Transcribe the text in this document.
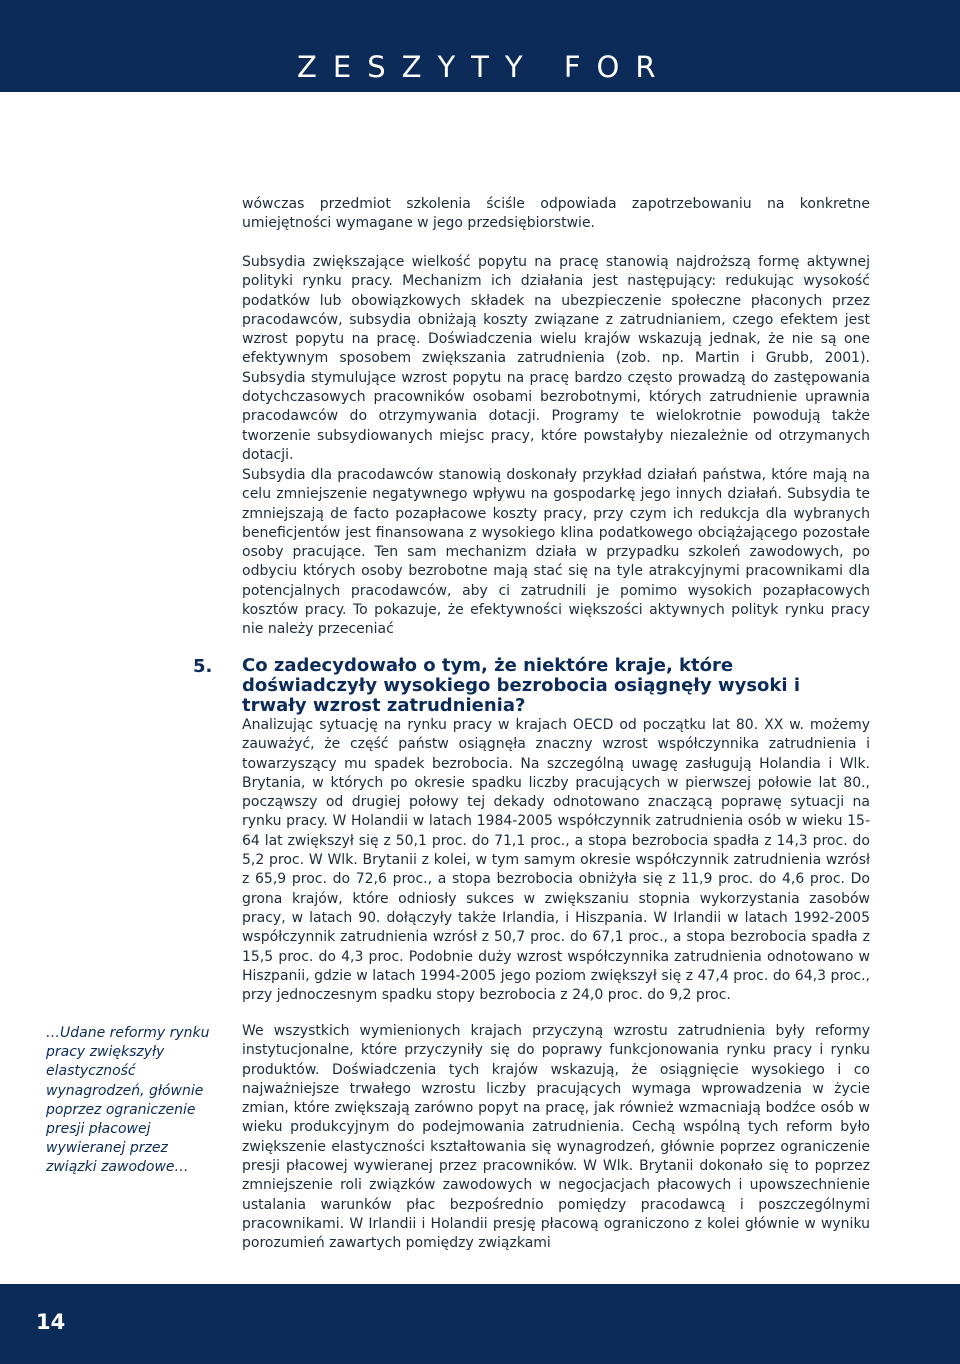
ZESZYTY FOR

wówczas przedmiot szkolenia ściśle odpowiada zapotrzebowaniu na konkretne umiejętności wymagane w jego przedsiębiorstwie.

Subsydia zwiększające wielkość popytu na pracę stanowią najdroższą formę aktywnej polityki rynku pracy. Mechanizm ich działania jest następujący: redukując wysokość podatków lub obowiązkowych składek na ubezpieczenie społeczne płaconych przez pracodawców, subsydia obniżają koszty związane z zatrudnianiem, czego efektem jest wzrost popytu na pracę. Doświadczenia wielu krajów wskazują jednak, że nie są one efektywnym sposobem zwiększania zatrudnienia (zob. np. Martin i Grubb, 2001). Subsydia stymulujące wzrost popytu na pracę bardzo często prowadzą do zastępowania dotychczasowych pracowników osobami bezrobotnymi, których zatrudnienie uprawnia pracodawców do otrzymywania dotacji. Programy te wielokrotnie powodują także tworzenie subsydiowanych miejsc pracy, które powstałyby niezależnie od otrzymanych dotacji.

Subsydia dla pracodawców stanowią doskonały przykład działań państwa, które mają na celu zmniejszenie negatywnego wpływu na gospodarkę jego innych działań. Subsydia te zmniejszają de facto pozapłacowe koszty pracy, przy czym ich redukcja dla wybranych beneficjentów jest finansowana z wysokiego klina podatkowego obciążającego pozostałe osoby pracujące. Ten sam mechanizm działa w przypadku szkoleń zawodowych, po odbyciu których osoby bezrobotne mają stać się na tyle atrakcyjnymi pracownikami dla potencjalnych pracodawców, aby ci zatrudnili je pomimo wysokich pozapłacowych kosztów pracy. To pokazuje, że efektywności większości aktywnych polityk rynku pracy nie należy przeceniać

5. Co zadecydowało o tym, że niektóre kraje, które doświadczyły wysokiego bezrobocia osiągnęły wysoki i trwały wzrost zatrudnienia?

Analizując sytuację na rynku pracy w krajach OECD od początku lat 80. XX w. możemy zauważyć, że część państw osiągnęła znaczny wzrost współczynnika zatrudnienia i towarzyszący mu spadek bezrobocia. Na szczególną uwagę zasługują Holandia i Wlk. Brytania, w których po okresie spadku liczby pracujących w pierwszej połowie lat 80., począwszy od drugiej połowy tej dekady odnotowano znaczącą poprawę sytuacji na rynku pracy. W Holandii w latach 1984-2005 współczynnik zatrudnienia osób w wieku 15-64 lat zwiększył się z 50,1 proc. do 71,1 proc., a stopa bezrobocia spadła z 14,3 proc. do 5,2 proc. W Wlk. Brytanii z kolei, w tym samym okresie współczynnik zatrudnienia wzrósł z 65,9 proc. do 72,6 proc., a stopa bezrobocia obniżyła się z 11,9 proc. do 4,6 proc. Do grona krajów, które odniosły sukces w zwiększaniu stopnia wykorzystania zasobów pracy, w latach 90. dołączyły także Irlandia, i Hiszpania. W Irlandii w latach 1992-2005 współczynnik zatrudnienia wzrósł z 50,7 proc. do 67,1 proc., a stopa bezrobocia spadła z 15,5 proc. do 4,3 proc. Podobnie duży wzrost współczynnika zatrudnienia odnotowano w Hiszpanii, gdzie w latach 1994-2005 jego poziom zwiększył się z 47,4 proc. do 64,3 proc., przy jednoczesnym spadku stopy bezrobocia z 24,0 proc. do 9,2 proc.

We wszystkich wymienionych krajach przyczyną wzrostu zatrudnienia były reformy instytucjonalne, które przyczyniły się do poprawy funkcjonowania rynku pracy i rynku produktów. Doświadczenia tych krajów wskazują, że osiągnięcie wysokiego i co najważniejsze trwałego wzrostu liczby pracujących wymaga wprowadzenia w życie zmian, które zwiększają zarówno popyt na pracę, jak również wzmacniają bodźce osób w wieku produkcyjnym do podejmowania zatrudnienia. Cechą wspólną tych reform było zwiększenie elastyczności kształtowania się wynagrodzeń, głównie poprzez ograniczenie presji płacowej wywieranej przez pracowników. W Wlk. Brytanii dokonało się to poprzez zmniejszenie roli związków zawodowych w negocjacjach płacowych i upowszechnienie ustalania warunków płac bezpośrednio pomiędzy pracodawcą i poszczególnymi pracownikami. W Irlandii i Holandii presję płacową ograniczono z kolei głównie w wyniku porozumień zawartych pomiędzy związkami

…Udane reformy rynku pracy zwiększyły elastyczność wynagrodzeń, głównie poprzez ograniczenie presji płacowej wywieranej przez związki zawodowe…

14
